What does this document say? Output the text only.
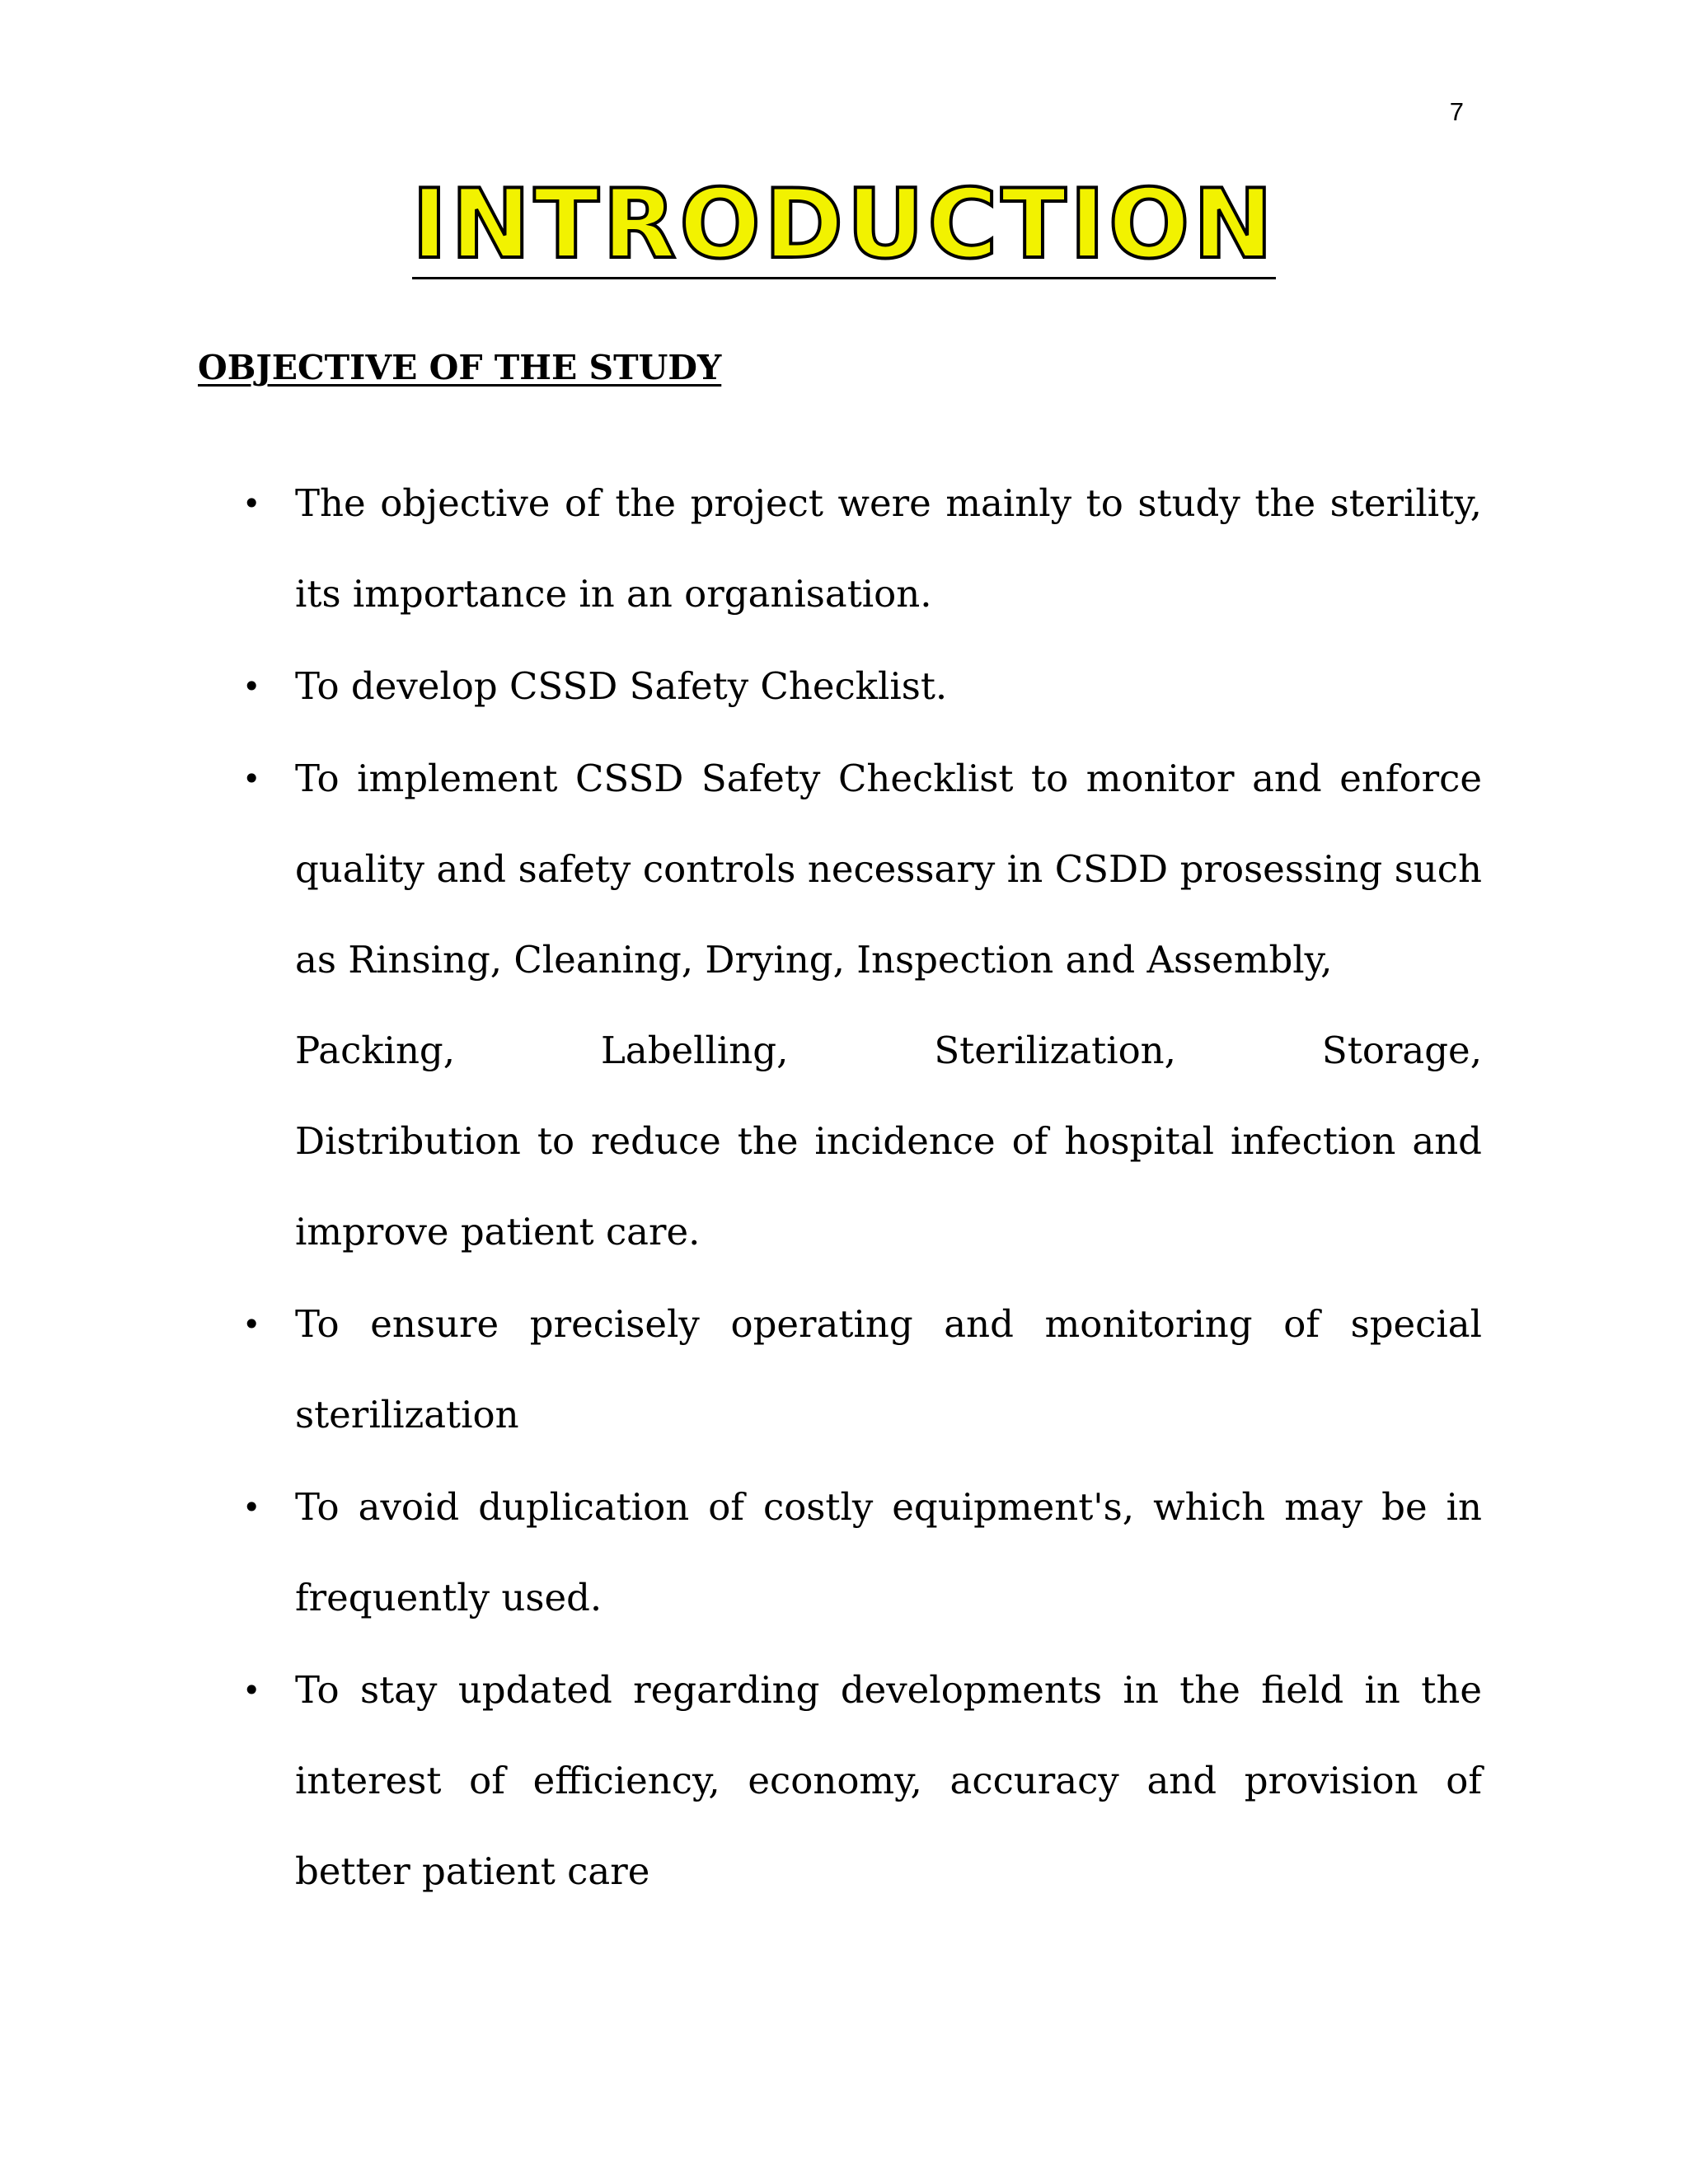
7
INTRODUCTION
OBJECTIVE OF THE STUDY
• The objective of the project were mainly to study the sterility, its importance in an organisation.
• To develop CSSD Safety Checklist.
• To implement CSSD Safety Checklist to monitor and enforce quality and safety controls necessary in CSDD prosessing such as Rinsing, Cleaning, Drying, Inspection and Assembly,
Packing, Labelling, Sterilization, Storage,
Distribution to reduce the incidence of hospital infection and improve patient care.
• To ensure precisely operating and monitoring of special sterilization
• To avoid duplication of costly equipment's, which may be in frequently used.
• To stay updated regarding developments in the field in the interest of efficiency, economy, accuracy and provision of better patient care
